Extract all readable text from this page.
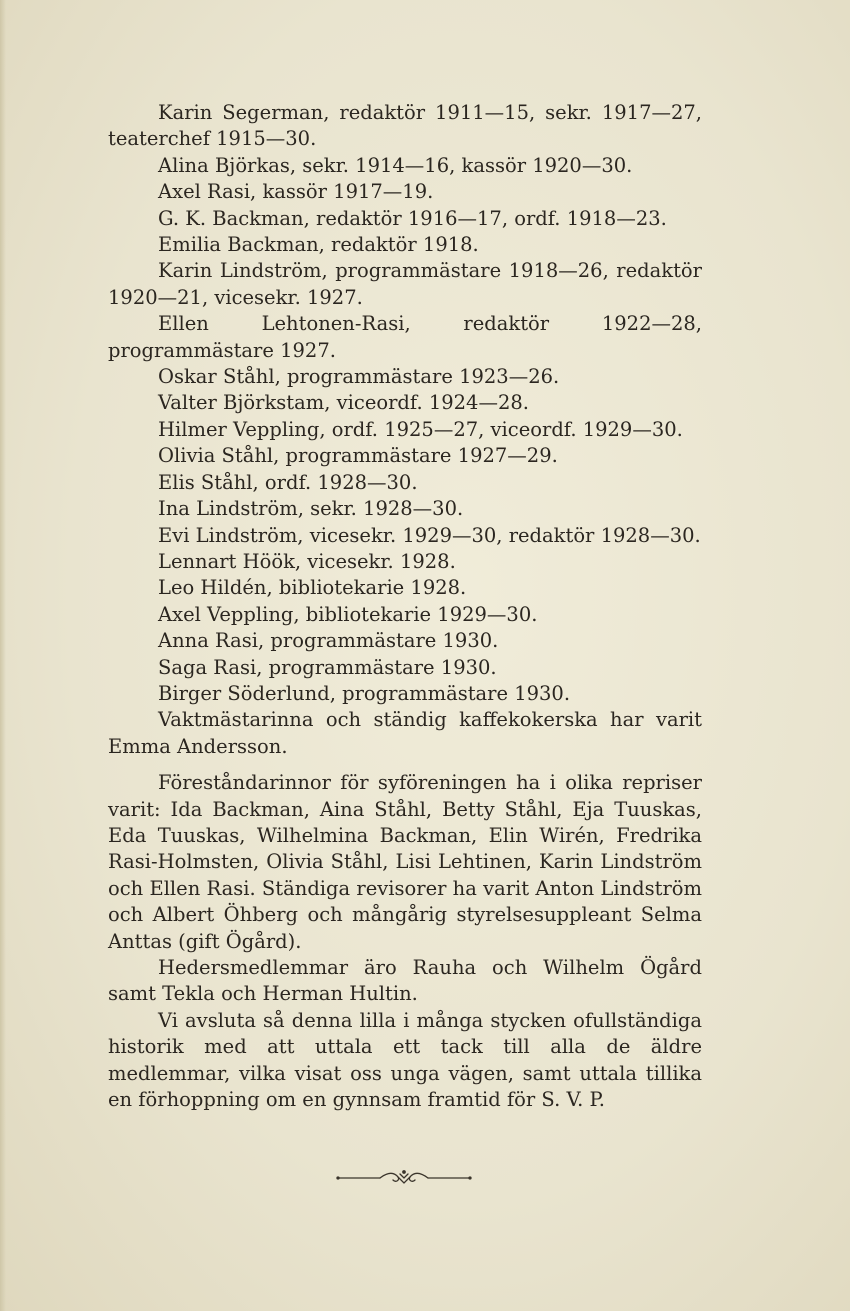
Karin Segerman, redaktör 1911—15, sekr. 1917—27, teaterchef 1915—30.

Alina Björkas, sekr. 1914—16, kassör 1920—30.

Axel Rasi, kassör 1917—19.

G. K. Backman, redaktör 1916—17, ordf. 1918—23.

Emilia Backman, redaktör 1918.

Karin Lindström, programmästare 1918—26, redaktör 1920—21, vicesekr. 1927.

Ellen Lehtonen-Rasi, redaktör 1922—28, programmästare 1927.

Oskar Ståhl, programmästare 1923—26.

Valter Björkstam, viceordf. 1924—28.

Hilmer Veppling, ordf. 1925—27, viceordf. 1929—30.

Olivia Ståhl, programmästare 1927—29.

Elis Ståhl, ordf. 1928—30.

Ina Lindström, sekr. 1928—30.

Evi Lindström, vicesekr. 1929—30, redaktör 1928—30.

Lennart Höök, vicesekr. 1928.

Leo Hildén, bibliotekarie 1928.

Axel Veppling, bibliotekarie 1929—30.

Anna Rasi, programmästare 1930.

Saga Rasi, programmästare 1930.

Birger Söderlund, programmästare 1930.

Vaktmästarinna och ständig kaffekokerska har varit Emma Andersson.

Föreståndarinnor för syföreningen ha i olika repriser varit: Ida Backman, Aina Ståhl, Betty Ståhl, Eja Tuuskas, Eda Tuuskas, Wilhelmina Backman, Elin Wirén, Fredrika Rasi-Holmsten, Olivia Ståhl, Lisi Lehtinen, Karin Lindström och Ellen Rasi. Ständiga revisorer ha varit Anton Lindström och Albert Öhberg och mångårig styrelsesuppleant Selma Anttas (gift Ögård).

Hedersmedlemmar äro Rauha och Wilhelm Ögård samt Tekla och Herman Hultin.

Vi avsluta så denna lilla i många stycken ofullständiga historik med att uttala ett tack till alla de äldre medlemmar, vilka visat oss unga vägen, samt uttala tillika en förhoppning om en gynnsam framtid för S. V. P.
